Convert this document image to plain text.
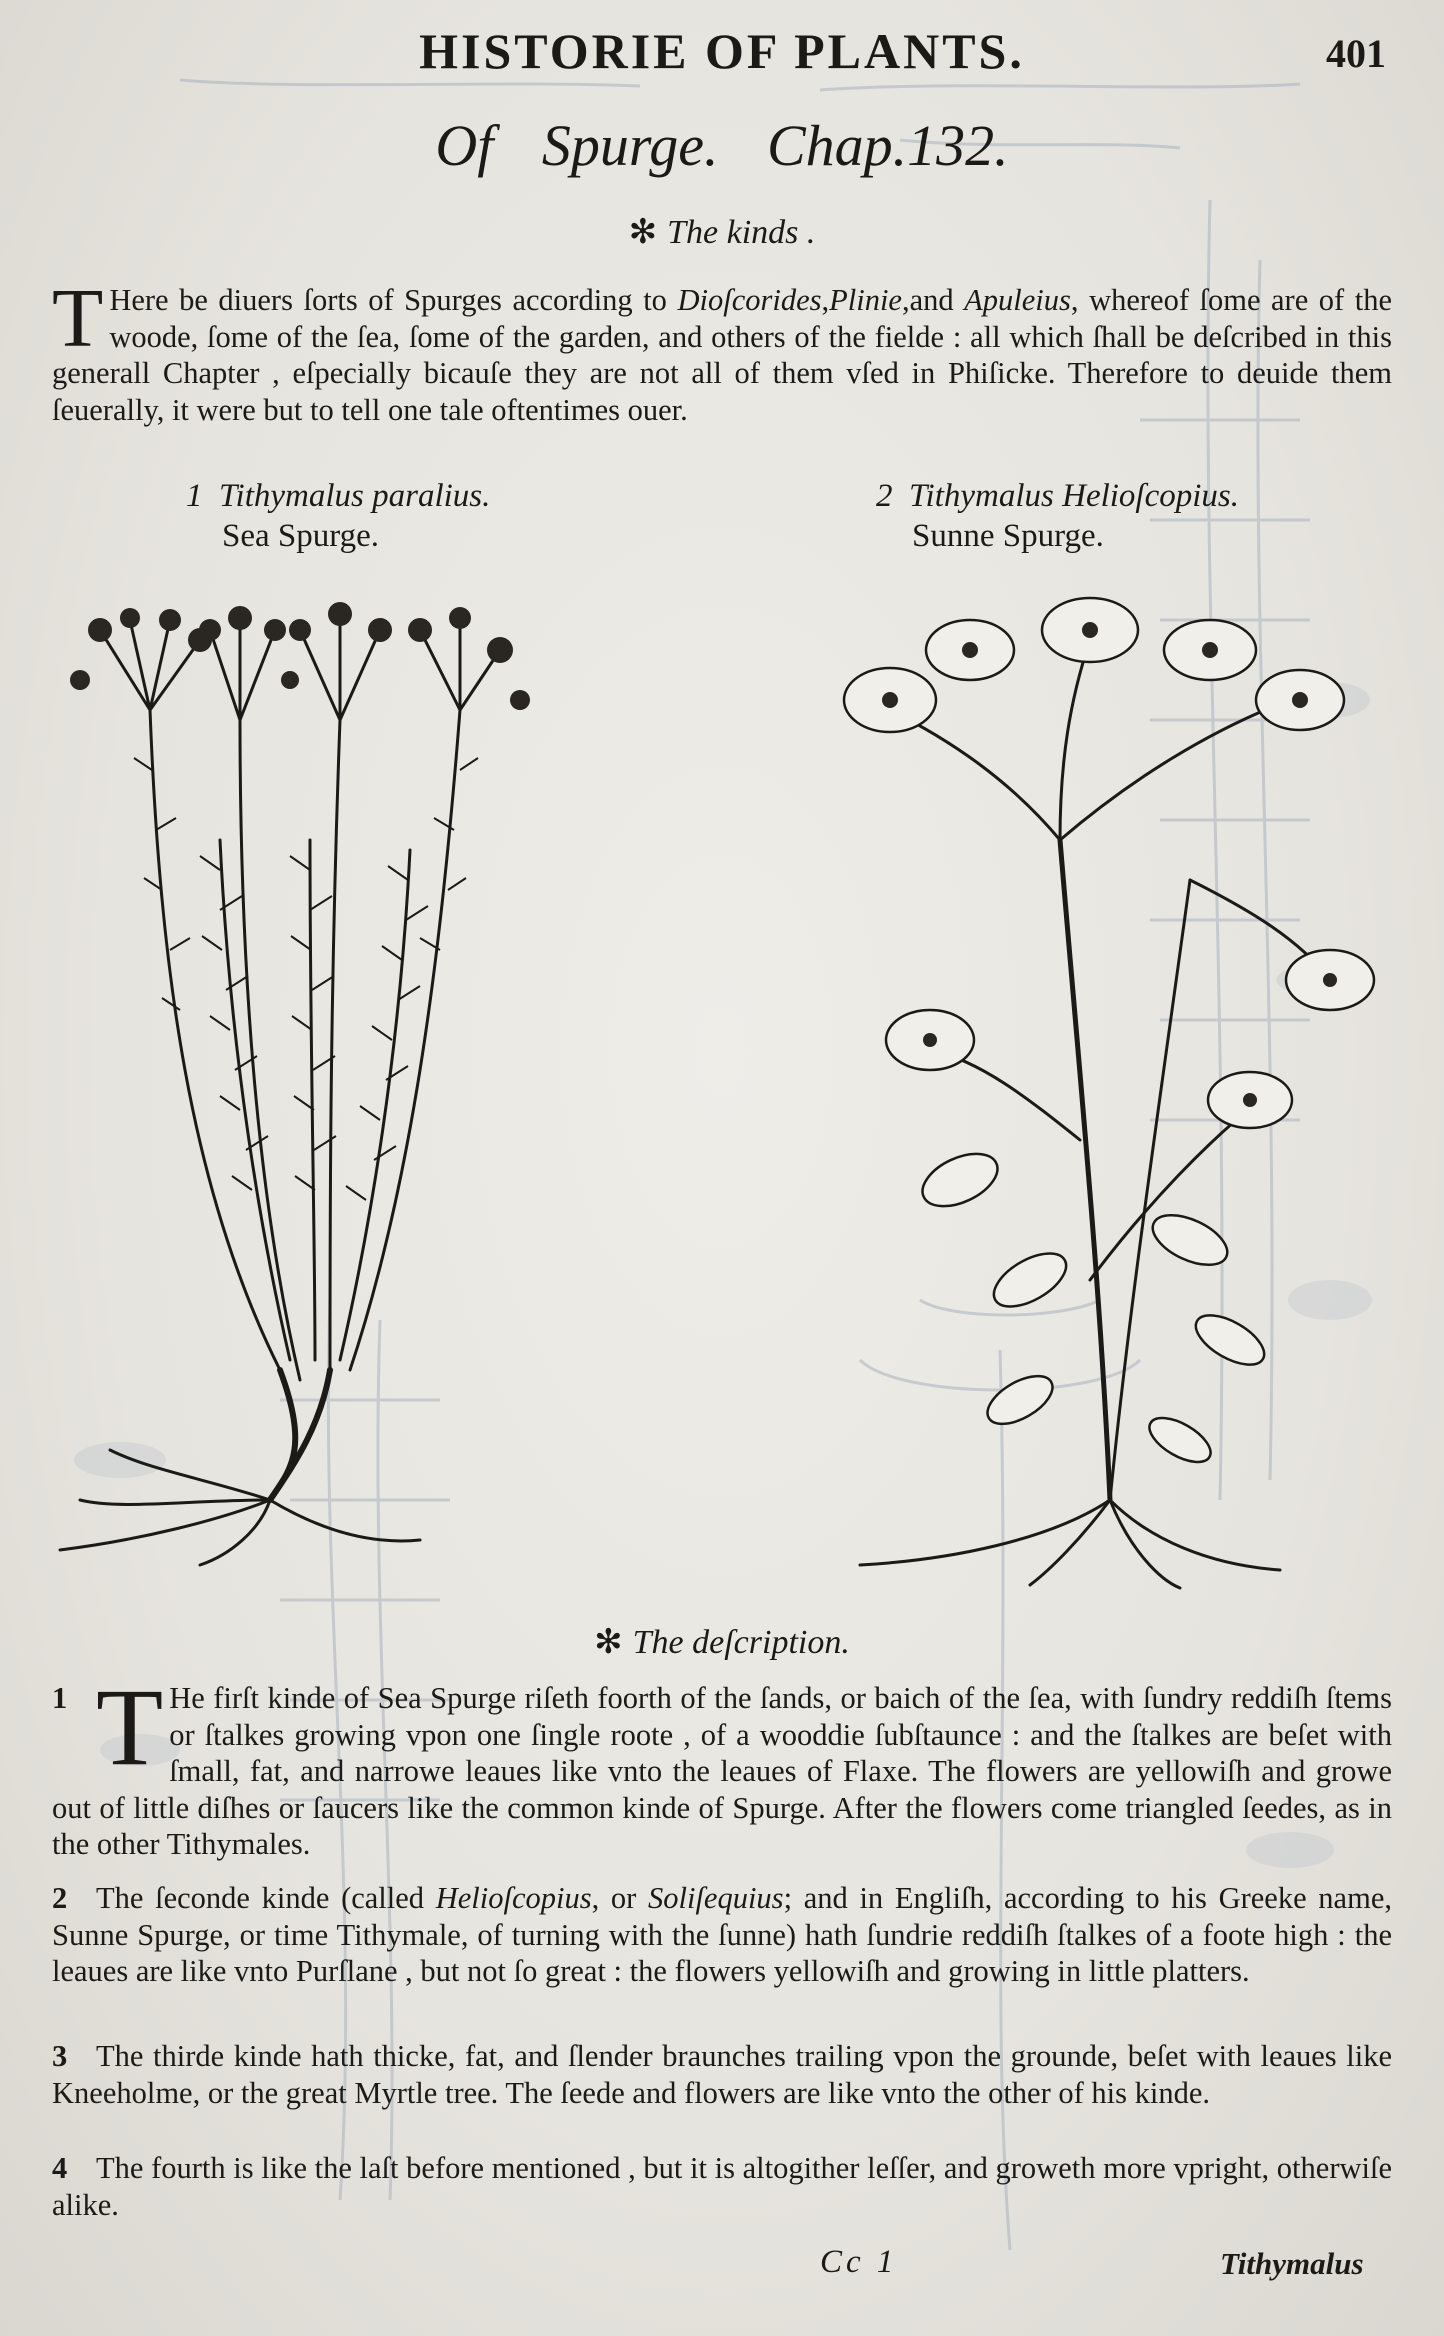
HISTORIE OF PLANTS.	401
Of Spurge. Chap.132.
✻ The kinds .
T Here be diuers ſorts of Spurges according to Dioſcorides,Plinie,and Apuleius, whereof ſome are of the woode, ſome of the ſea, ſome of the garden, and others of the fielde : all which ſhall be deſcribed in this generall Chapter , eſpecially bicauſe they are not all of them vſed in Phiſicke. Therefore to deuide them ſeuerally, it were but to tell one tale oftentimes ouer.
1 Tithymalus paralius.
Sea Spurge.
2 Tithymalus Helioſcopius.
Sunne Spurge.
✻ The deſcription.
1 T He firſt kinde of Sea Spurge riſeth foorth of the ſands, or baich of the ſea, with ſundry reddiſh ſtems or ſtalkes growing vpon one ſingle roote , of a wooddie ſubſtaunce : and the ſtalkes are beſet with ſmall, fat, and narrowe leaues like vnto the leaues of Flaxe. The flowers are yellowiſh and growe out of little diſhes or ſaucers like the common kinde of Spurge. After the flowers come triangled ſeedes, as in the other Tithymales.
2 The ſeconde kinde (called Helioſcopius, or Soliſequius; and in Engliſh, according to his Greeke name, Sunne Spurge, or time Tithymale, of turning with the ſunne) hath ſundrie reddiſh ſtalkes of a foote high : the leaues are like vnto Purſlane , but not ſo great : the flowers yellowiſh and growing in little platters.
3 The thirde kinde hath thicke, fat, and ſlender braunches trailing vpon the grounde, beſet with leaues like Kneeholme, or the great Myrtle tree. The ſeede and flowers are like vnto the other of his kinde.
4 The fourth is like the laſt before mentioned , but it is altogither leſſer, and groweth more vpright, otherwiſe alike.
Cc 1	Tithymalus
